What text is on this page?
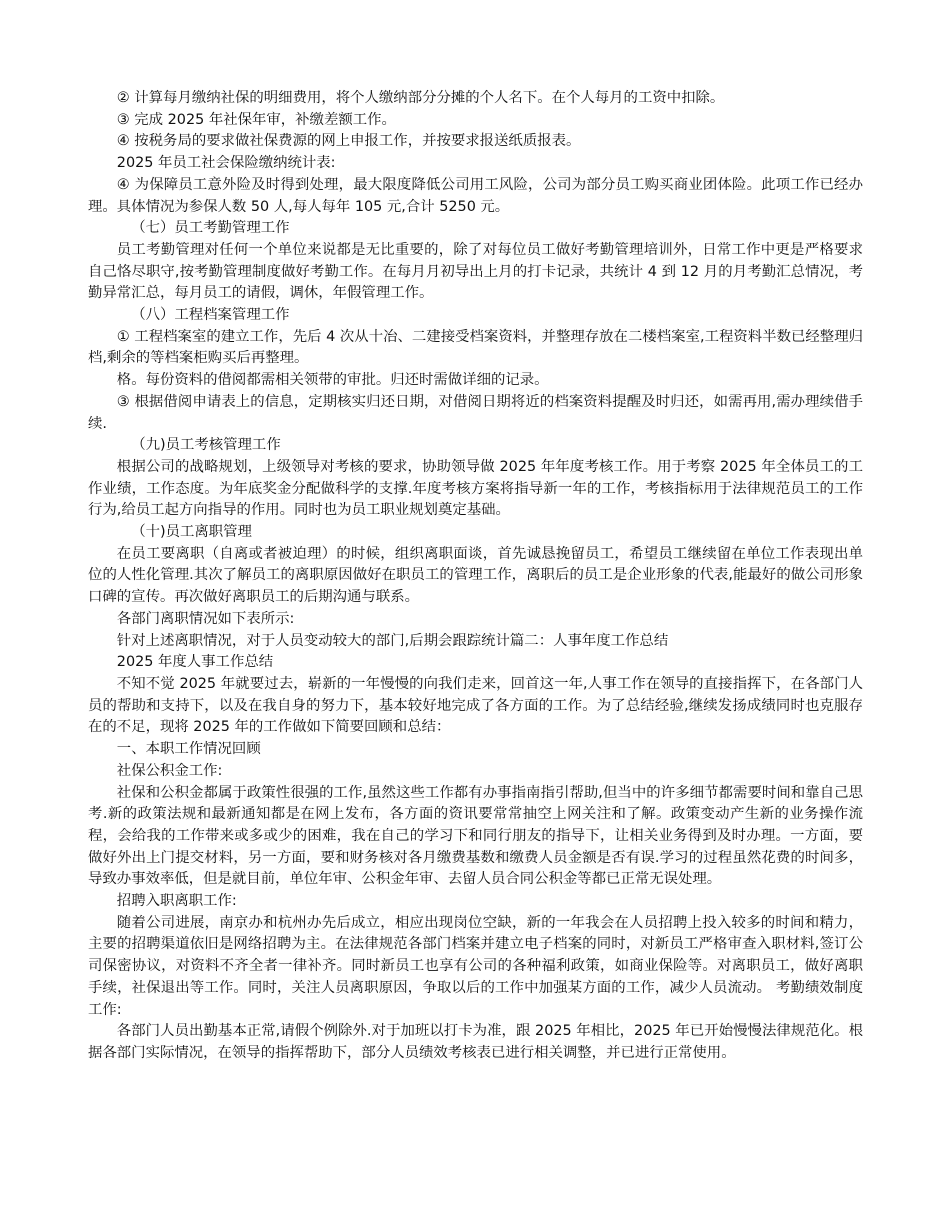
② 计算每月缴纳社保的明细费用，将个人缴纳部分分摊的个人名下。在个人每月的工资中扣除。

③ 完成 2025 年社保年审，补缴差额工作。

④ 按税务局的要求做社保费源的网上申报工作，并按要求报送纸质报表。

2025 年员工社会保险缴纳统计表:

④ 为保障员工意外险及时得到处理，最大限度降低公司用工风险，公司为部分员工购买商业团体险。此项工作已经办理。具体情况为参保人数 50 人,每人每年 105 元,合计 5250 元。

（七）员工考勤管理工作

员工考勤管理对任何一个单位来说都是无比重要的，除了对每位员工做好考勤管理培训外，日常工作中更是严格要求自己恪尽职守,按考勤管理制度做好考勤工作。在每月月初导出上月的打卡记录，共统计 4 到 12 月的月考勤汇总情况，考勤异常汇总，每月员工的请假，调休，年假管理工作。

（八）工程档案管理工作

① 工程档案室的建立工作，先后 4 次从十冶、二建接受档案资料，并整理存放在二楼档案室,工程资料半数已经整理归档,剩余的等档案柜购买后再整理。

格。每份资料的借阅都需相关领带的审批。归还时需做详细的记录。

③ 根据借阅申请表上的信息，定期核实归还日期，对借阅日期将近的档案资料提醒及时归还，如需再用,需办理续借手续.

（九)员工考核管理工作

根据公司的战略规划，上级领导对考核的要求，协助领导做 2025 年年度考核工作。用于考察 2025 年全体员工的工作业绩，工作态度。为年底奖金分配做科学的支撑.年度考核方案将指导新一年的工作，考核指标用于法律规范员工的工作行为,给员工起方向指导的作用。同时也为员工职业规划奠定基础。

（十)员工离职管理

在员工要离职（自离或者被迫理）的时候，组织离职面谈，首先诚恳挽留员工，希望员工继续留在单位工作表现出单位的人性化管理.其次了解员工的离职原因做好在职员工的管理工作，离职后的员工是企业形象的代表,能最好的做公司形象口碑的宣传。再次做好离职员工的后期沟通与联系。

各部门离职情况如下表所示:

针对上述离职情况，对于人员变动较大的部门,后期会跟踪统计篇二：人事年度工作总结

2025 年度人事工作总结

不知不觉 2025 年就要过去，崭新的一年慢慢的向我们走来，回首这一年,人事工作在领导的直接指挥下，在各部门人员的帮助和支持下，以及在我自身的努力下，基本较好地完成了各方面的工作。为了总结经验,继续发扬成绩同时也克服存在的不足，现将 2025 年的工作做如下简要回顾和总结：

一、本职工作情况回顾

社保公积金工作:

社保和公积金都属于政策性很强的工作,虽然这些工作都有办事指南指引帮助,但当中的许多细节都需要时间和靠自己思考.新的政策法规和最新通知都是在网上发布，各方面的资讯要常常抽空上网关注和了解。政策变动产生新的业务操作流程，会给我的工作带来或多或少的困难，我在自己的学习下和同行朋友的指导下，让相关业务得到及时办理。一方面，要做好外出上门提交材料，另一方面，要和财务核对各月缴费基数和缴费人员金额是否有误.学习的过程虽然花费的时间多，导致办事效率低，但是就目前，单位年审、公积金年审、去留人员合同公积金等都已正常无误处理。

招聘入职离职工作:

随着公司进展，南京办和杭州办先后成立，相应出现岗位空缺，新的一年我会在人员招聘上投入较多的时间和精力，主要的招聘渠道依旧是网络招聘为主。在法律规范各部门档案并建立电子档案的同时，对新员工严格审查入职材料,签订公司保密协议，对资料不齐全者一律补齐。同时新员工也享有公司的各种福利政策，如商业保险等。对离职员工，做好离职手续，社保退出等工作。同时，关注人员离职原因，争取以后的工作中加强某方面的工作，减少人员流动。 考勤绩效制度工作:

各部门人员出勤基本正常,请假个例除外.对于加班以打卡为准，跟 2025 年相比，2025 年已开始慢慢法律规范化。根据各部门实际情况，在领导的指挥帮助下，部分人员绩效考核表已进行相关调整，并已进行正常使用。
